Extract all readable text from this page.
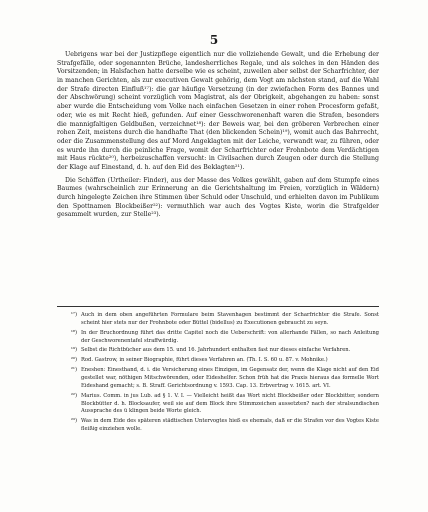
5

Uebrigens war bei der Justizpflege eigentlich nur die vollziehende Gewalt, und die Erhebung der Strafgefälle, oder sogenannten Brüche, landesherrliches Regale, und als solches in den Händen des Vorsitzenden; in Halsfachen hatte derselbe wie es scheint, zuweilen aber selbst der Scharfrichter, der in manchen Gerichten, als zur executiven Gewalt gehörig, dem Vogt am nächsten stand, auf die Wahl der Strafe directen Einfluß¹⁷): die gar häufige Versetzung (in der zwiefachen Form des Bannes und der Abschwörung) scheint vorzüglich vom Magistrat, als der Obrigkeit, abgehangen zu haben: sonst aber wurde die Entscheidung vom Volke nach einfachen Gesetzen in einer rohen Procesform gefaßt, oder, wie es mit Recht hieß, gefunden. Auf einer Gesschworenenhaft waren die Strafen, besonders die mannigfaltigen Geldbußen, verzeichnet¹⁸): der Beweis war, bei den gröberen Verbrechen einer rohen Zeit, meistens durch die handhafte That (den blickenden Schein)¹⁹), womit auch das Bahrrecht, oder die Zusammenstellung des auf Mord Angeklagten mit der Leiche, verwandt war, zu führen, oder es wurde ihn durch die peinliche Frage, womit der Scharfrichter oder Frohnbote dem Verdächtigen mit Haus rückte²⁰), herbeizuschaffen versucht: in Civilsachen durch Zeugen oder durch die Stellung der Klage auf Einestand, d. h. auf den Eid des Beklagten²¹).

Die Schöffen (Urtheiler: Finder), aus der Masse des Volkes gewählt, gaben auf dem Stumpfe eines Baumes (wahrscheinlich zur Erinnerung an die Gerichtshaltung im Freien, vorzüglich in Wäldern) durch hingelegte Zeichen ihre Stimmen über Schuld oder Unschuld, und erhielten davon im Publikum den Spottnamen Blockbeißer²²): vermuthlich war auch des Vogtes Kiste, worin die Strafgelder gesammelt wurden, zur Stelle²³).

¹⁷) Auch in dem oben angeführten Formulare beim Stavenhagen bestimmt der Scharfrichter die Strafe. Sonst scheint hier stets nur der Frohnbote oder Büttel (bidellus) zu Executionen gebraucht zu seyn.
¹⁸) In der Bruchordnung führt das dritte Capitel noch die Ueberschrift: von allerhande Fällen, so nach Anleitung der Geschworenentafel straffwürdig.
¹⁹) Selbst die Richtbücher aus dem 15. und 16. Jahrhundert enthalten fast nur dieses einfache Verfahren.
²⁰) Rod. Gastrow, in seiner Biographie, führt dieses Verfahren an. (Th. I. S. 60 u. 87. v. Mohnike.)
²¹) Eneshen: Einesthand, d. i. die Versicherung eines Einzigen, im Gegensatz der, wenn die Klage nicht auf den Eid gestellet war, nöthigen Mitschwörenden, oder Eideshelfer. Schon früh hat die Praxis hieraus das formelle Wort Eideshand gemacht; s. B. Straff. Gerichtsordnung v. 1593. Cap. 13. Erbvertrag v. 1615. art. VI.
²²) Marius. Comm. in jus Lub. ad § 1. V. I. — Vielleicht heißt das Wort nicht Blockbeißer oder Blockbitter, sondern Blockbütter d. h. Blocksaufer, weil sie auf dem Block ihre Stimmzeichen aussetzten? nach der stralsundischen Aussprache des ü klingen beide Worte gleich.
²³) Was in dem Eide des späteren städtischen Untervogtes hieß es ehemals, daß er die Strafen vor des Vogtes Kiste fleißig einziehen wolle.
